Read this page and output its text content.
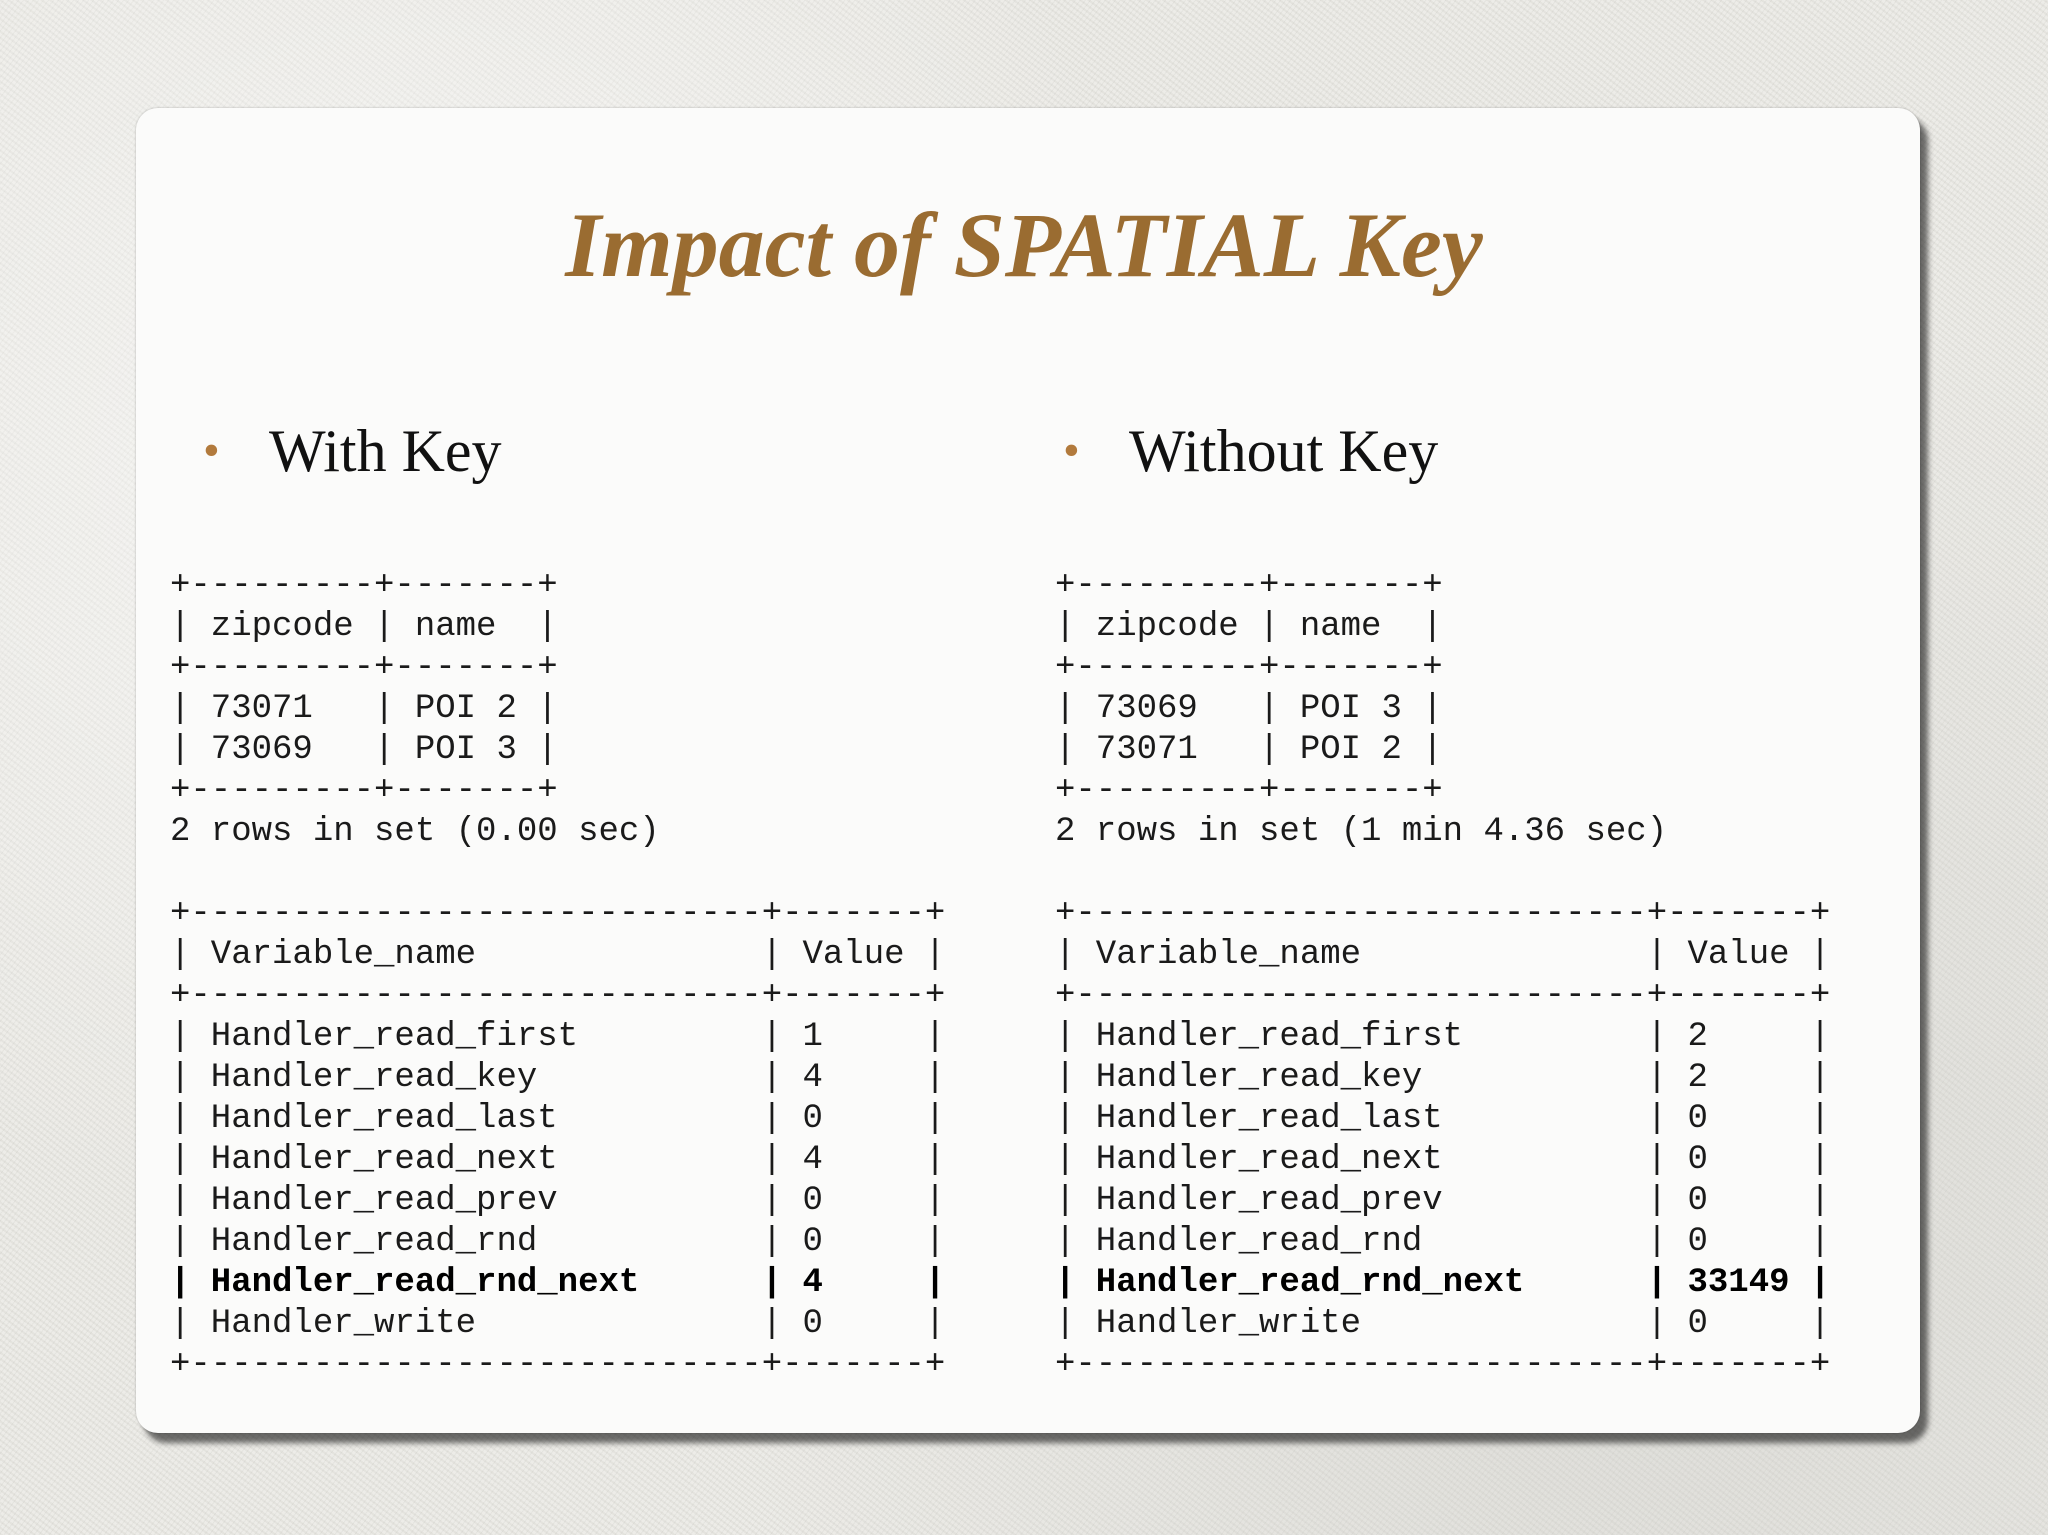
Impact of SPATIAL Key
• With Key	• Without Key
+---------+-------+
| zipcode | name  |
+---------+-------+
| 73071   | POI 2 |
| 73069   | POI 3 |
+---------+-------+
2 rows in set (0.00 sec)
+---------+-------+
| zipcode | name  |
+---------+-------+
| 73069   | POI 3 |
| 73071   | POI 2 |
+---------+-------+
2 rows in set (1 min 4.36 sec)
+----------------------------+-------+
| Variable_name              | Value |
+----------------------------+-------+
| Handler_read_first         | 1     |
| Handler_read_key           | 4     |
| Handler_read_last          | 0     |
| Handler_read_next          | 4     |
| Handler_read_prev          | 0     |
| Handler_read_rnd           | 0     |
| Handler_read_rnd_next      | 4     |
| Handler_write              | 0     |
+----------------------------+-------+
+----------------------------+-------+
| Variable_name              | Value |
+----------------------------+-------+
| Handler_read_first         | 2     |
| Handler_read_key           | 2     |
| Handler_read_last          | 0     |
| Handler_read_next          | 0     |
| Handler_read_prev          | 0     |
| Handler_read_rnd           | 0     |
| Handler_read_rnd_next      | 33149 |
| Handler_write              | 0     |
+----------------------------+-------+
